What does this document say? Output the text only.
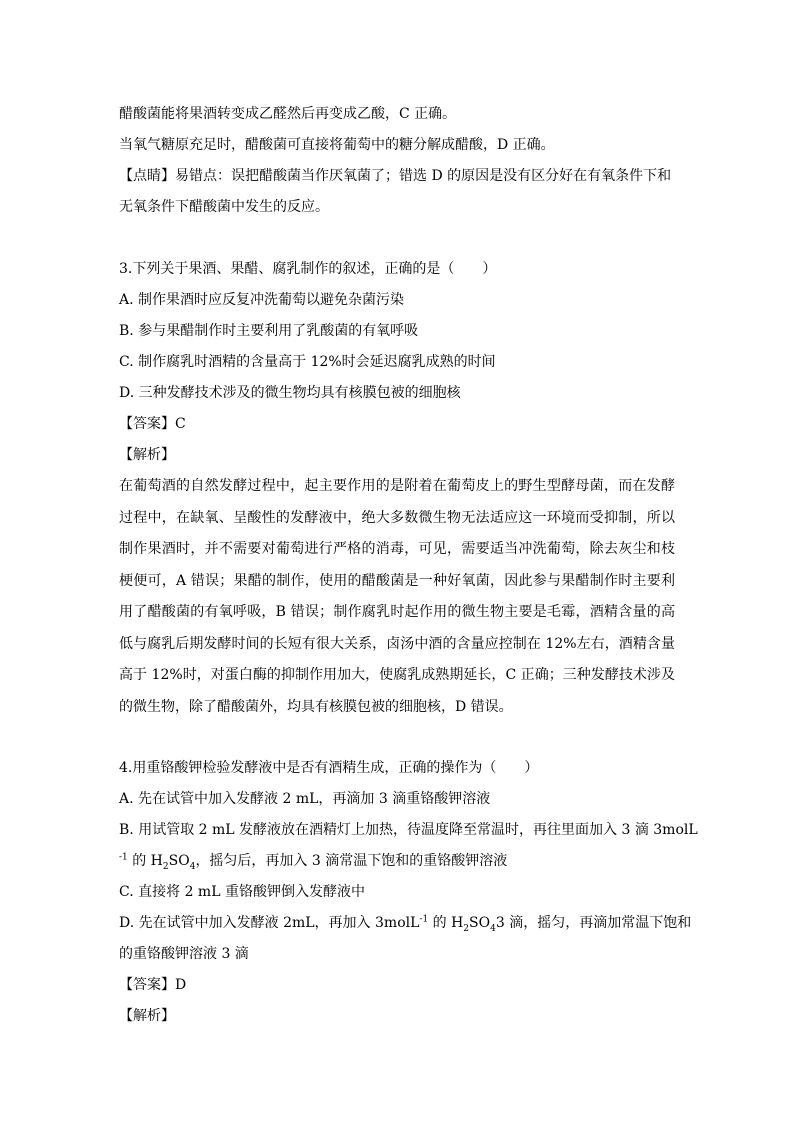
醋酸菌能将果酒转变成乙醛然后再变成乙酸，C 正确。
当氧气糖原充足时，醋酸菌可直接将葡萄中的糖分解成醋酸，D 正确。
【点睛】易错点：误把醋酸菌当作厌氧菌了；错选 D 的原因是没有区分好在有氧条件下和
无氧条件下醋酸菌中发生的反应。
3.下列关于果酒、果醋、腐乳制作的叙述，正确的是（　　）
A. 制作果酒时应反复冲洗葡萄以避免杂菌污染
B. 参与果醋制作时主要利用了乳酸菌的有氧呼吸
C. 制作腐乳时酒精的含量高于 12%时会延迟腐乳成熟的时间
D. 三种发酵技术涉及的微生物均具有核膜包被的细胞核
【答案】C
【解析】
在葡萄酒的自然发酵过程中，起主要作用的是附着在葡萄皮上的野生型酵母菌，而在发酵过程中，在缺氧、呈酸性的发酵液中，绝大多数微生物无法适应这一环境而受抑制，所以制作果酒时，并不需要对葡萄进行严格的消毒，可见，需要适当冲洗葡萄，除去灰尘和枝梗便可，A 错误；果醋的制作，使用的醋酸菌是一种好氧菌，因此参与果醋制作时主要利用了醋酸菌的有氧呼吸，B 错误；制作腐乳时起作用的微生物主要是毛霉，酒精含量的高低与腐乳后期发酵时间的长短有很大关系，卤汤中酒的含量应控制在 12%左右，酒精含量高于 12%时，对蛋白酶的抑制作用加大，使腐乳成熟期延长，C 正确；三种发酵技术涉及的微生物，除了醋酸菌外，均具有核膜包被的细胞核，D 错误。
4.用重铬酸钾检验发酵液中是否有酒精生成，正确的操作为（　　）
A. 先在试管中加入发酵液 2 mL，再滴加 3 滴重铬酸钾溶液
B. 用试管取 2 mL 发酵液放在酒精灯上加热，待温度降至常温时，再往里面加入 3 滴 3molL
$^{-1}$ 的 $H_2SO_4$，摇匀后，再加入 3 滴常温下饱和的重铬酸钾溶液
C. 直接将 2 mL 重铬酸钾倒入发酵液中
D. 先在试管中加入发酵液 2mL，再加入 3molL$^{-1}$ 的 $H_2SO_43$ 滴，摇匀，再滴加常温下饱和
的重铬酸钾溶液 3 滴
【答案】D
【解析】
